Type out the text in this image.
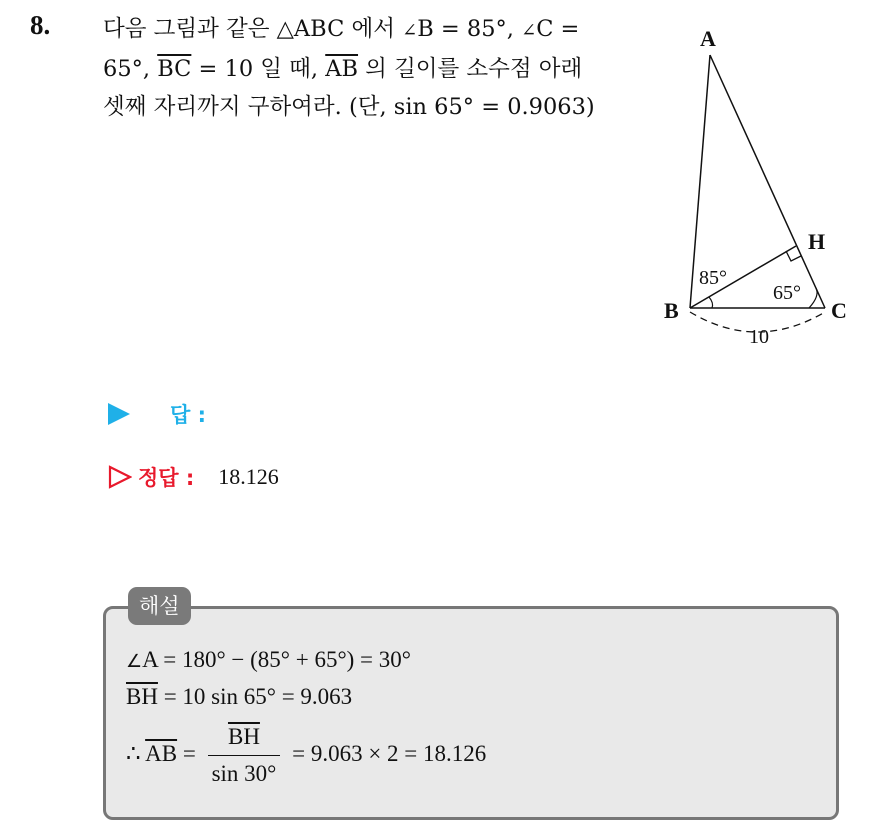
8. 다음 그림과 같은 △ABC 에서 ∠ B = 85°, ∠ C =
65°, $\overline{BC} = 10$ 일 때, $\overline{AB}$ 의 길이를 소수점 아래
셋째 자리까지 구하여라. (단, sin 65° = 0.9063)
A
B	C
H
85°
65°
10
답 :
정답 : 18.126
해설
∠ A = 180° − (85° + 65°) = 30°
$\overline{BH} = 10$ sin 65° = 9.063
∴ $\overline{AB} = \frac{\overline{BH}}{\sin 30^\circ} = 9.063 \times 2 = 18.126$
